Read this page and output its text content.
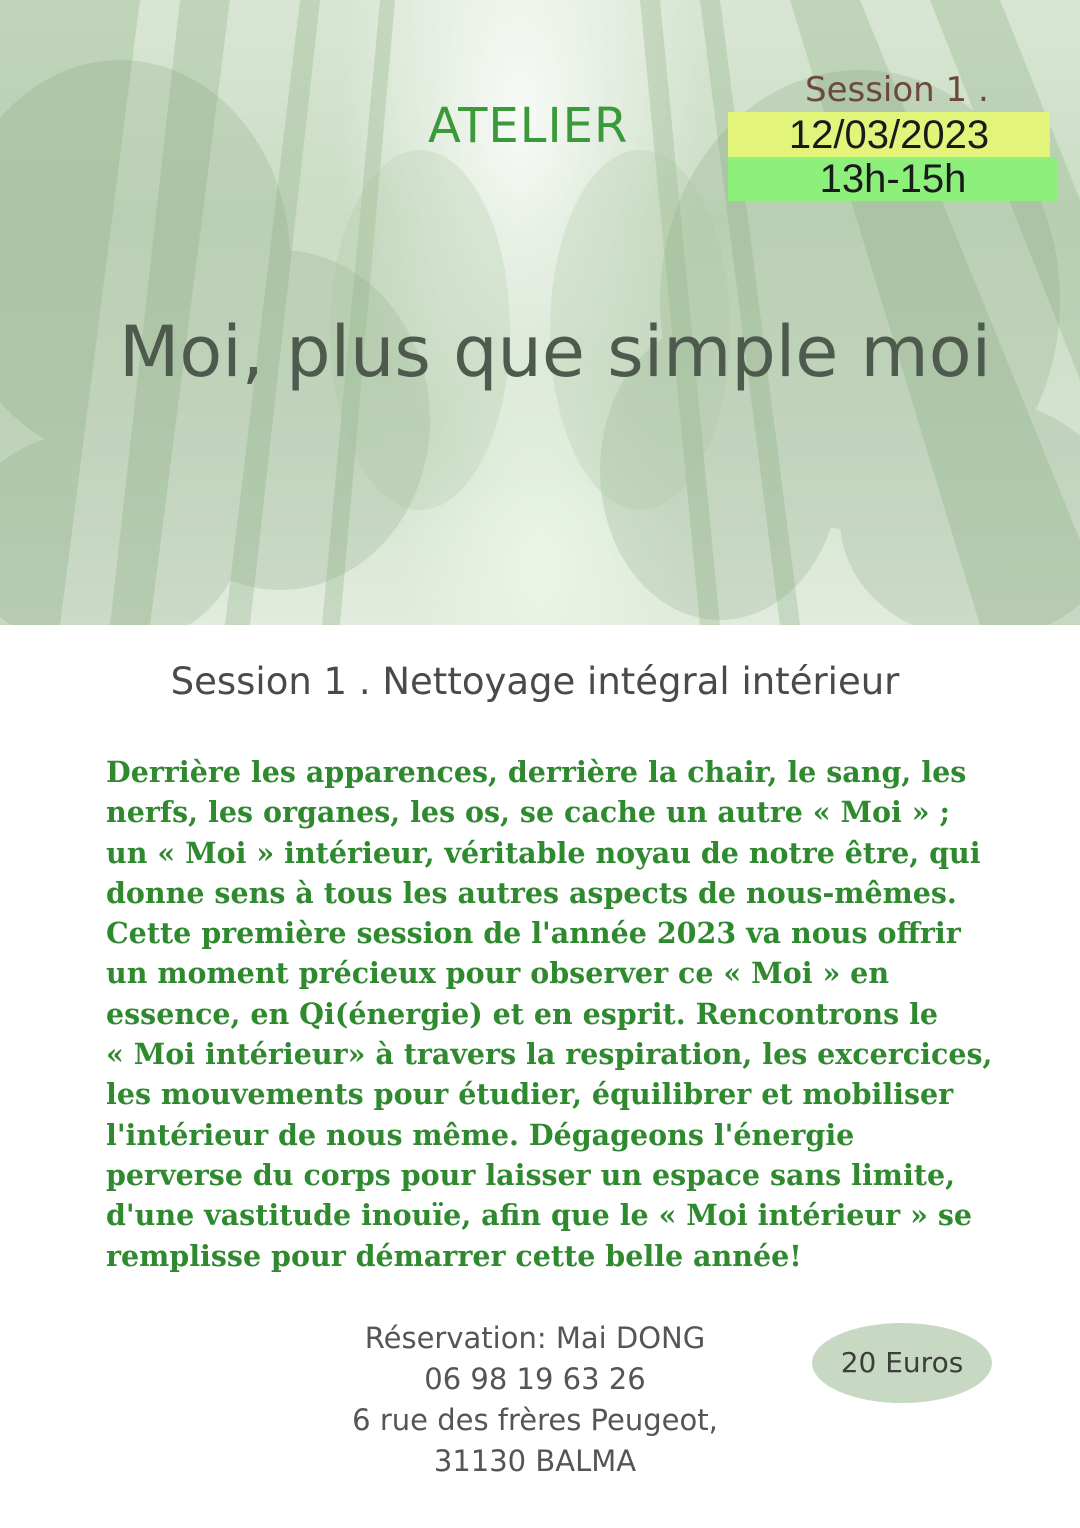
ATELIER
Session 1 .
12/03/2023
13h-15h
Moi, plus que simple moi
Session 1 . Nettoyage intégral intérieur
Derrière les apparences, derrière la chair, le sang, les
nerfs, les organes, les os, se cache un autre « Moi » ;
un « Moi » intérieur, véritable noyau de notre être, qui
donne sens à tous les autres aspects de nous-mêmes.
Cette première session de l'année 2023 va nous offrir
un moment précieux pour observer ce « Moi » en
essence, en Qi(énergie) et en esprit. Rencontrons le
« Moi intérieur» à travers la respiration, les excercices,
les mouvements pour étudier, équilibrer et mobiliser
l'intérieur de nous même. Dégageons l'énergie
perverse du corps pour laisser un espace sans limite,
d'une vastitude inouïe, afin que le « Moi intérieur » se
remplisse pour démarrer cette belle année!
Réservation: Mai DONG
06 98 19 63 26
6 rue des frères Peugeot,
31130 BALMA
20 Euros
